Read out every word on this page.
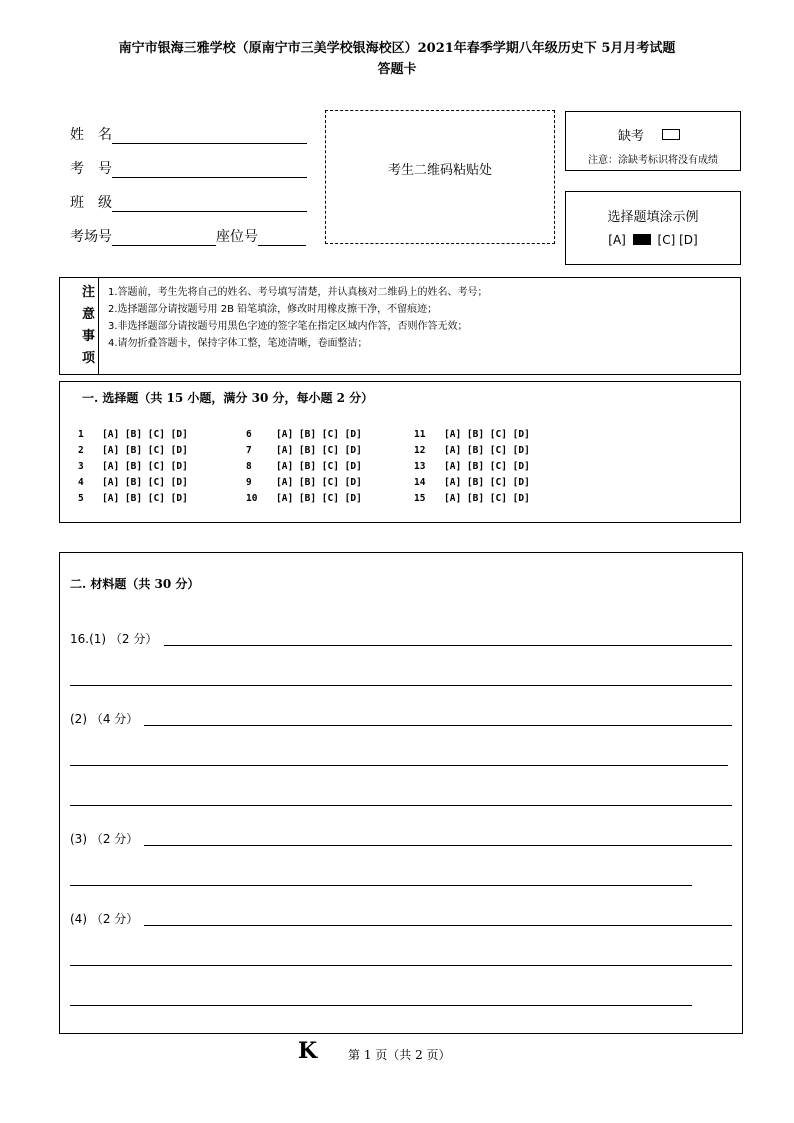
南宁市银海三雅学校（原南宁市三美学校银海校区）2021年春季学期八年级历史下 5月月考试题
答题卡
姓　名
考　号
班　级
考场号	座位号
考生二维码粘贴处
缺考
注意：涂缺考标识将没有成绩
选择题填涂示例
[A]	[C] [D]
注
意
事
项
1.答题前，考生先将自己的姓名、考号填写清楚，并认真核对二维码上的姓名、考号；
2.选择题部分请按题号用 2B 铅笔填涂，修改时用橡皮擦干净，不留痕迹；
3.非选择题部分请按题号用黑色字迹的签字笔在指定区域内作答，否则作答无效；
4.请勿折叠答题卡，保持字体工整，笔迹清晰，卷面整洁；
一. 选择题（共 15 小题，满分 30 分，每小题 2 分）
1 [A] [B] [C] [D]
2 [A] [B] [C] [D]
3 [A] [B] [C] [D]
4 [A] [B] [C] [D]
5 [A] [B] [C] [D]
6	[A] [B] [C] [D]
7	[A] [B] [C] [D]
8	[A] [B] [C] [D]
9	[A] [B] [C] [D]
10 [A] [B] [C] [D]
11 [A] [B] [C] [D]
12 [A] [B] [C] [D]
13 [A] [B] [C] [D]
14 [A] [B] [C] [D]
15 [A] [B] [C] [D]
二. 材料题（共 30 分）
16.(1) （2 分）
(2) （4 分）
(3) （2 分）
(4) （2 分）
K	第 1 页（共 2 页）
